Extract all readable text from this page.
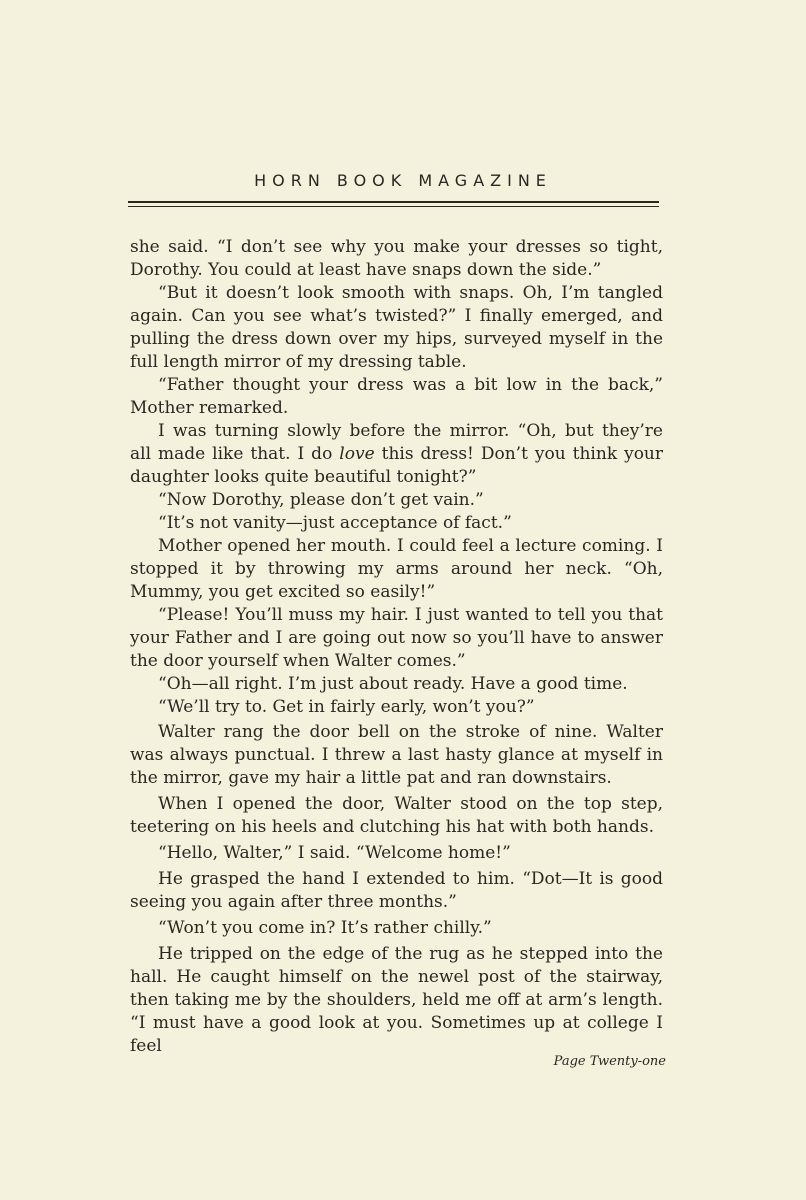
HORN BOOK MAGAZINE

she said. “I don’t see why you make your dresses so tight, Dorothy. You could at least have snaps down the side.”

“But it doesn’t look smooth with snaps. Oh, I’m tangled again. Can you see what’s twisted?” I finally emerged, and pulling the dress down over my hips, surveyed myself in the full length mirror of my dressing table.

“Father thought your dress was a bit low in the back,” Mother remarked.

I was turning slowly before the mirror. “Oh, but they’re all made like that. I do love this dress! Don’t you think your daughter looks quite beautiful tonight?”

“Now Dorothy, please don’t get vain.”

“It’s not vanity—just acceptance of fact.”

Mother opened her mouth. I could feel a lecture coming. I stopped it by throwing my arms around her neck. “Oh, Mummy, you get excited so easily!”

“Please! You’ll muss my hair. I just wanted to tell you that your Father and I are going out now so you’ll have to answer the door yourself when Walter comes.”

“Oh—all right. I’m just about ready. Have a good time.

“We’ll try to. Get in fairly early, won’t you?”

Walter rang the door bell on the stroke of nine. Walter was always punctual. I threw a last hasty glance at myself in the mirror, gave my hair a little pat and ran downstairs.

When I opened the door, Walter stood on the top step, teetering on his heels and clutching his hat with both hands.

“Hello, Walter,” I said. “Welcome home!”

He grasped the hand I extended to him. “Dot—It is good seeing you again after three months.”

“Won’t you come in? It’s rather chilly.”

He tripped on the edge of the rug as he stepped into the hall. He caught himself on the newel post of the stairway, then taking me by the shoulders, held me off at arm’s length. “I must have a good look at you. Sometimes up at college I feel

Page Twenty-one
